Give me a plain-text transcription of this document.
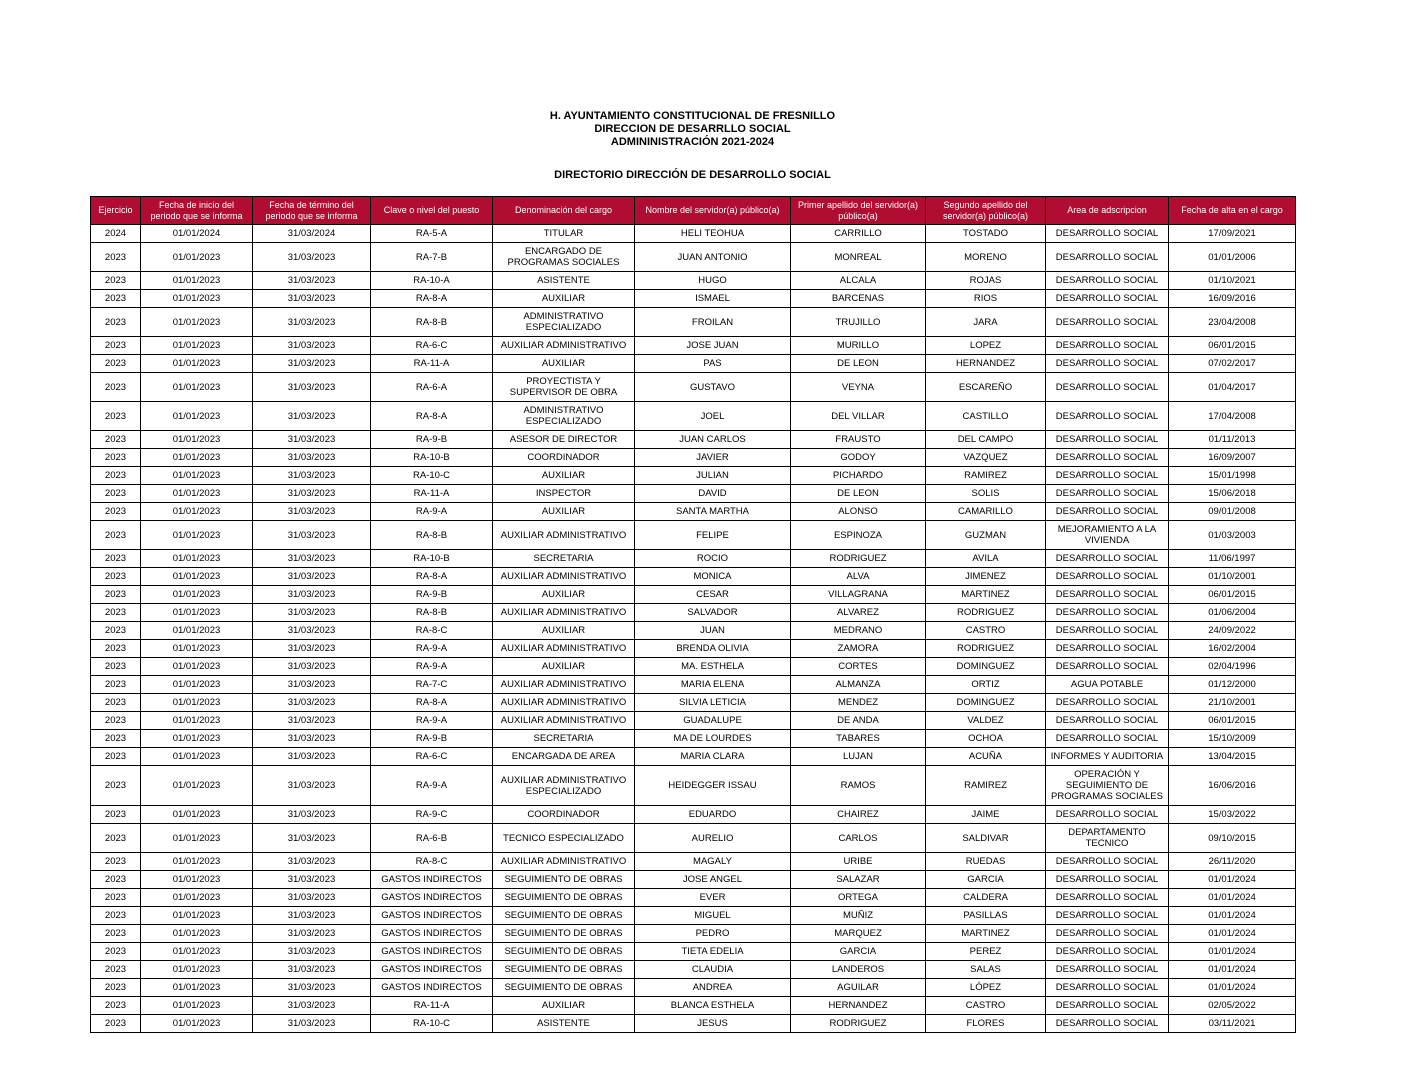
H. AYUNTAMIENTO CONSTITUCIONAL DE FRESNILLO
DIRECCION DE DESARRLLO SOCIAL
ADMININISTRACIÓN 2021-2024
DIRECTORIO DIRECCIÓN DE DESARROLLO SOCIAL
Ejercicio	Fecha de inicio del periodo que se informa	Fecha de término del periodo que se informa	Clave o nivel del puesto	Denominación del cargo	Nombre del servidor(a) público(a)	Primer apellido del servidor(a) público(a)	Segundo apellido del servidor(a) público(a)	Area de adscripcion	Fecha de alta en el cargo
2024	01/01/2024	31/03/2024	RA-5-A	TITULAR	HELI TEOHUA	CARRILLO	TOSTADO	DESARROLLO SOCIAL	17/09/2021
2023	01/01/2023	31/03/2023	RA-7-B	ENCARGADO DE PROGRAMAS SOCIALES	JUAN ANTONIO	MONREAL	MORENO	DESARROLLO SOCIAL	01/01/2006
2023	01/01/2023	31/03/2023	RA-10-A	ASISTENTE	HUGO	ALCALA	ROJAS	DESARROLLO SOCIAL	01/10/2021
2023	01/01/2023	31/03/2023	RA-8-A	AUXILIAR	ISMAEL	BARCENAS	RIOS	DESARROLLO SOCIAL	16/09/2016
2023	01/01/2023	31/03/2023	RA-8-B	ADMINISTRATIVO ESPECIALIZADO	FROILAN	TRUJILLO	JARA	DESARROLLO SOCIAL	23/04/2008
2023	01/01/2023	31/03/2023	RA-6-C	AUXILIAR ADMINISTRATIVO	JOSE JUAN	MURILLO	LOPEZ	DESARROLLO SOCIAL	06/01/2015
2023	01/01/2023	31/03/2023	RA-11-A	AUXILIAR	PAS	DE LEON	HERNANDEZ	DESARROLLO SOCIAL	07/02/2017
2023	01/01/2023	31/03/2023	RA-6-A	PROYECTISTA Y SUPERVISOR DE OBRA	GUSTAVO	VEYNA	ESCAREÑO	DESARROLLO SOCIAL	01/04/2017
2023	01/01/2023	31/03/2023	RA-8-A	ADMINISTRATIVO ESPECIALIZADO	JOEL	DEL VILLAR	CASTILLO	DESARROLLO SOCIAL	17/04/2008
2023	01/01/2023	31/03/2023	RA-9-B	ASESOR DE DIRECTOR	JUAN CARLOS	FRAUSTO	DEL CAMPO	DESARROLLO SOCIAL	01/11/2013
2023	01/01/2023	31/03/2023	RA-10-B	COORDINADOR	JAVIER	GODOY	VAZQUEZ	DESARROLLO SOCIAL	16/09/2007
2023	01/01/2023	31/03/2023	RA-10-C	AUXILIAR	JULIAN	PICHARDO	RAMIREZ	DESARROLLO SOCIAL	15/01/1998
2023	01/01/2023	31/03/2023	RA-11-A	INSPECTOR	DAVID	DE LEON	SOLIS	DESARROLLO SOCIAL	15/06/2018
2023	01/01/2023	31/03/2023	RA-9-A	AUXILIAR	SANTA MARTHA	ALONSO	CAMARILLO	DESARROLLO SOCIAL	09/01/2008
2023	01/01/2023	31/03/2023	RA-8-B	AUXILIAR ADMINISTRATIVO	FELIPE	ESPINOZA	GUZMAN	MEJORAMIENTO A LA VIVIENDA	01/03/2003
2023	01/01/2023	31/03/2023	RA-10-B	SECRETARIA	ROCIO	RODRIGUEZ	AVILA	DESARROLLO SOCIAL	11/06/1997
2023	01/01/2023	31/03/2023	RA-8-A	AUXILIAR ADMINISTRATIVO	MONICA	ALVA	JIMENEZ	DESARROLLO SOCIAL	01/10/2001
2023	01/01/2023	31/03/2023	RA-9-B	AUXILIAR	CESAR	VILLAGRANA	MARTINEZ	DESARROLLO SOCIAL	06/01/2015
2023	01/01/2023	31/03/2023	RA-8-B	AUXILIAR ADMINISTRATIVO	SALVADOR	ALVAREZ	RODRIGUEZ	DESARROLLO SOCIAL	01/06/2004
2023	01/01/2023	31/03/2023	RA-8-C	AUXILIAR	JUAN	MEDRANO	CASTRO	DESARROLLO SOCIAL	24/09/2022
2023	01/01/2023	31/03/2023	RA-9-A	AUXILIAR ADMINISTRATIVO	BRENDA OLIVIA	ZAMORA	RODRIGUEZ	DESARROLLO SOCIAL	16/02/2004
2023	01/01/2023	31/03/2023	RA-9-A	AUXILIAR	MA. ESTHELA	CORTES	DOMINGUEZ	DESARROLLO SOCIAL	02/04/1996
2023	01/01/2023	31/03/2023	RA-7-C	AUXILIAR ADMINISTRATIVO	MARIA ELENA	ALMANZA	ORTIZ	AGUA POTABLE	01/12/2000
2023	01/01/2023	31/03/2023	RA-8-A	AUXILIAR ADMINISTRATIVO	SILVIA LETICIA	MENDEZ	DOMINGUEZ	DESARROLLO SOCIAL	21/10/2001
2023	01/01/2023	31/03/2023	RA-9-A	AUXILIAR ADMINISTRATIVO	GUADALUPE	DE ANDA	VALDEZ	DESARROLLO SOCIAL	06/01/2015
2023	01/01/2023	31/03/2023	RA-9-B	SECRETARIA	MA DE LOURDES	TABARES	OCHOA	DESARROLLO SOCIAL	15/10/2009
2023	01/01/2023	31/03/2023	RA-6-C	ENCARGADA DE AREA	MARIA CLARA	LUJAN	ACUÑA	INFORMES Y AUDITORIA	13/04/2015
2023	01/01/2023	31/03/2023	RA-9-A	AUXILIAR ADMINISTRATIVO ESPECIALIZADO	HEIDEGGER ISSAU	RAMOS	RAMIREZ	OPERACIÓN Y SEGUIMIENTO DE PROGRAMAS SOCIALES	16/06/2016
2023	01/01/2023	31/03/2023	RA-9-C	COORDINADOR	EDUARDO	CHAIREZ	JAIME	DESARROLLO SOCIAL	15/03/2022
2023	01/01/2023	31/03/2023	RA-6-B	TECNICO ESPECIALIZADO	AURELIO	CARLOS	SALDIVAR	DEPARTAMENTO TECNICO	09/10/2015
2023	01/01/2023	31/03/2023	RA-8-C	AUXILIAR ADMINISTRATIVO	MAGALY	URIBE	RUEDAS	DESARROLLO SOCIAL	26/11/2020
2023	01/01/2023	31/03/2023	GASTOS INDIRECTOS	SEGUIMIENTO DE OBRAS	JOSE ANGEL	SALAZAR	GARCIA	DESARROLLO SOCIAL	01/01/2024
2023	01/01/2023	31/03/2023	GASTOS INDIRECTOS	SEGUIMIENTO DE OBRAS	EVER	ORTEGA	CALDERA	DESARROLLO SOCIAL	01/01/2024
2023	01/01/2023	31/03/2023	GASTOS INDIRECTOS	SEGUIMIENTO DE OBRAS	MIGUEL	MUÑIZ	PASILLAS	DESARROLLO SOCIAL	01/01/2024
2023	01/01/2023	31/03/2023	GASTOS INDIRECTOS	SEGUIMIENTO DE OBRAS	PEDRO	MARQUEZ	MARTINEZ	DESARROLLO SOCIAL	01/01/2024
2023	01/01/2023	31/03/2023	GASTOS INDIRECTOS	SEGUIMIENTO DE OBRAS	TIETA EDELIA	GARCIA	PEREZ	DESARROLLO SOCIAL	01/01/2024
2023	01/01/2023	31/03/2023	GASTOS INDIRECTOS	SEGUIMIENTO DE OBRAS	CLAUDIA	LANDEROS	SALAS	DESARROLLO SOCIAL	01/01/2024
2023	01/01/2023	31/03/2023	GASTOS INDIRECTOS	SEGUIMIENTO DE OBRAS	ANDREA	AGUILAR	LÓPEZ	DESARROLLO SOCIAL	01/01/2024
2023	01/01/2023	31/03/2023	RA-11-A	AUXILIAR	BLANCA ESTHELA	HERNANDEZ	CASTRO	DESARROLLO SOCIAL	02/05/2022
2023	01/01/2023	31/03/2023	RA-10-C	ASISTENTE	JESUS	RODRIGUEZ	FLORES	DESARROLLO SOCIAL	03/11/2021
